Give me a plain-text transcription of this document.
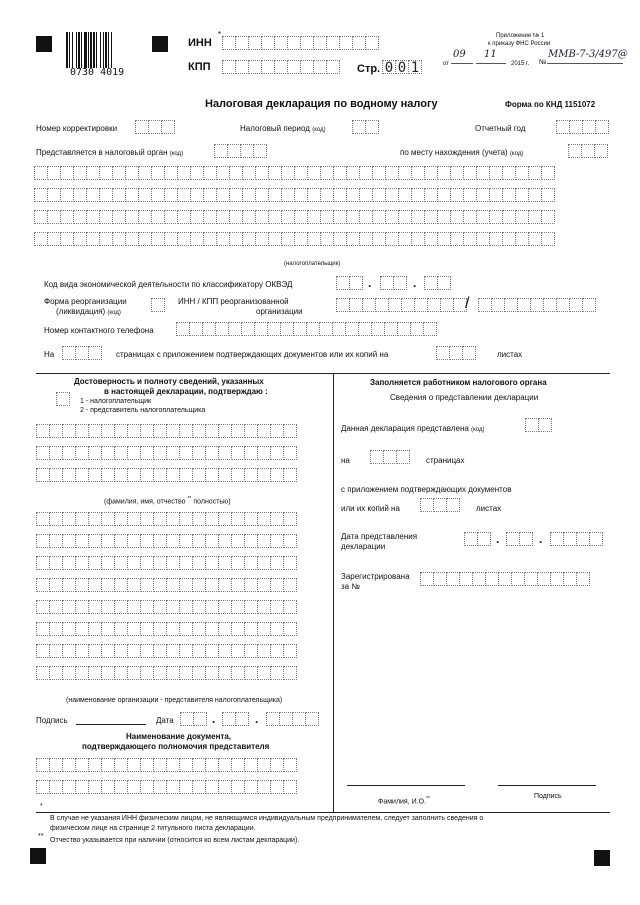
0730 4019
ИНН
*
КПП	Стр. 0 0 1
Приложение № 1
к приказу ФНС России
от
09 11
2015 г. №
ММВ-7-3/497@
Налоговая декларация по водному налогу	Форма по КНД 1151072
Номер корректировки	Налоговый период (код)	Отчетный год
Представляется в налоговый орган (код)	по месту нахождения (учета) (код)
(налогоплательщик)
Код вида экономической деятельности по классификатору ОКВЭД	.	.
Форма реорганизации
(ликвидация) (код)
ИНН / КПП реорганизованной
организации	/
Номер контактного телефона
На	страницах с приложением подтверждающих документов или их копий на	листах
Достоверность и полноту сведений, указанных
в настоящей декларации, подтверждаю :
1 - налогоплательщик
2 - представитель налогоплательщика
(фамилия, имя, отчество ** полностью)
(наименование организации - представителя налогоплательщика)
Подпись	Дата	.	.
Наименование документа,
подтверждающего полномочия представителя
Заполняется работником налогового органа
Сведения о представлении декларации
Данная декларация представлена (код)
на	страницах
с приложением подтверждающих документов
или их копий на	листах
Дата представления
декларации
.	.
Зарегистрирована
за №
Фамилия, И.О.**	Подпись
*
В случае не указания ИНН физическим лицом, не являющимся индивидуальным предпринимателем, следует заполнить сведения о
физическом лице на странице 2 титульного листа декларации.
**
Отчество указывается при наличии (относится ко всем листам декларации).
